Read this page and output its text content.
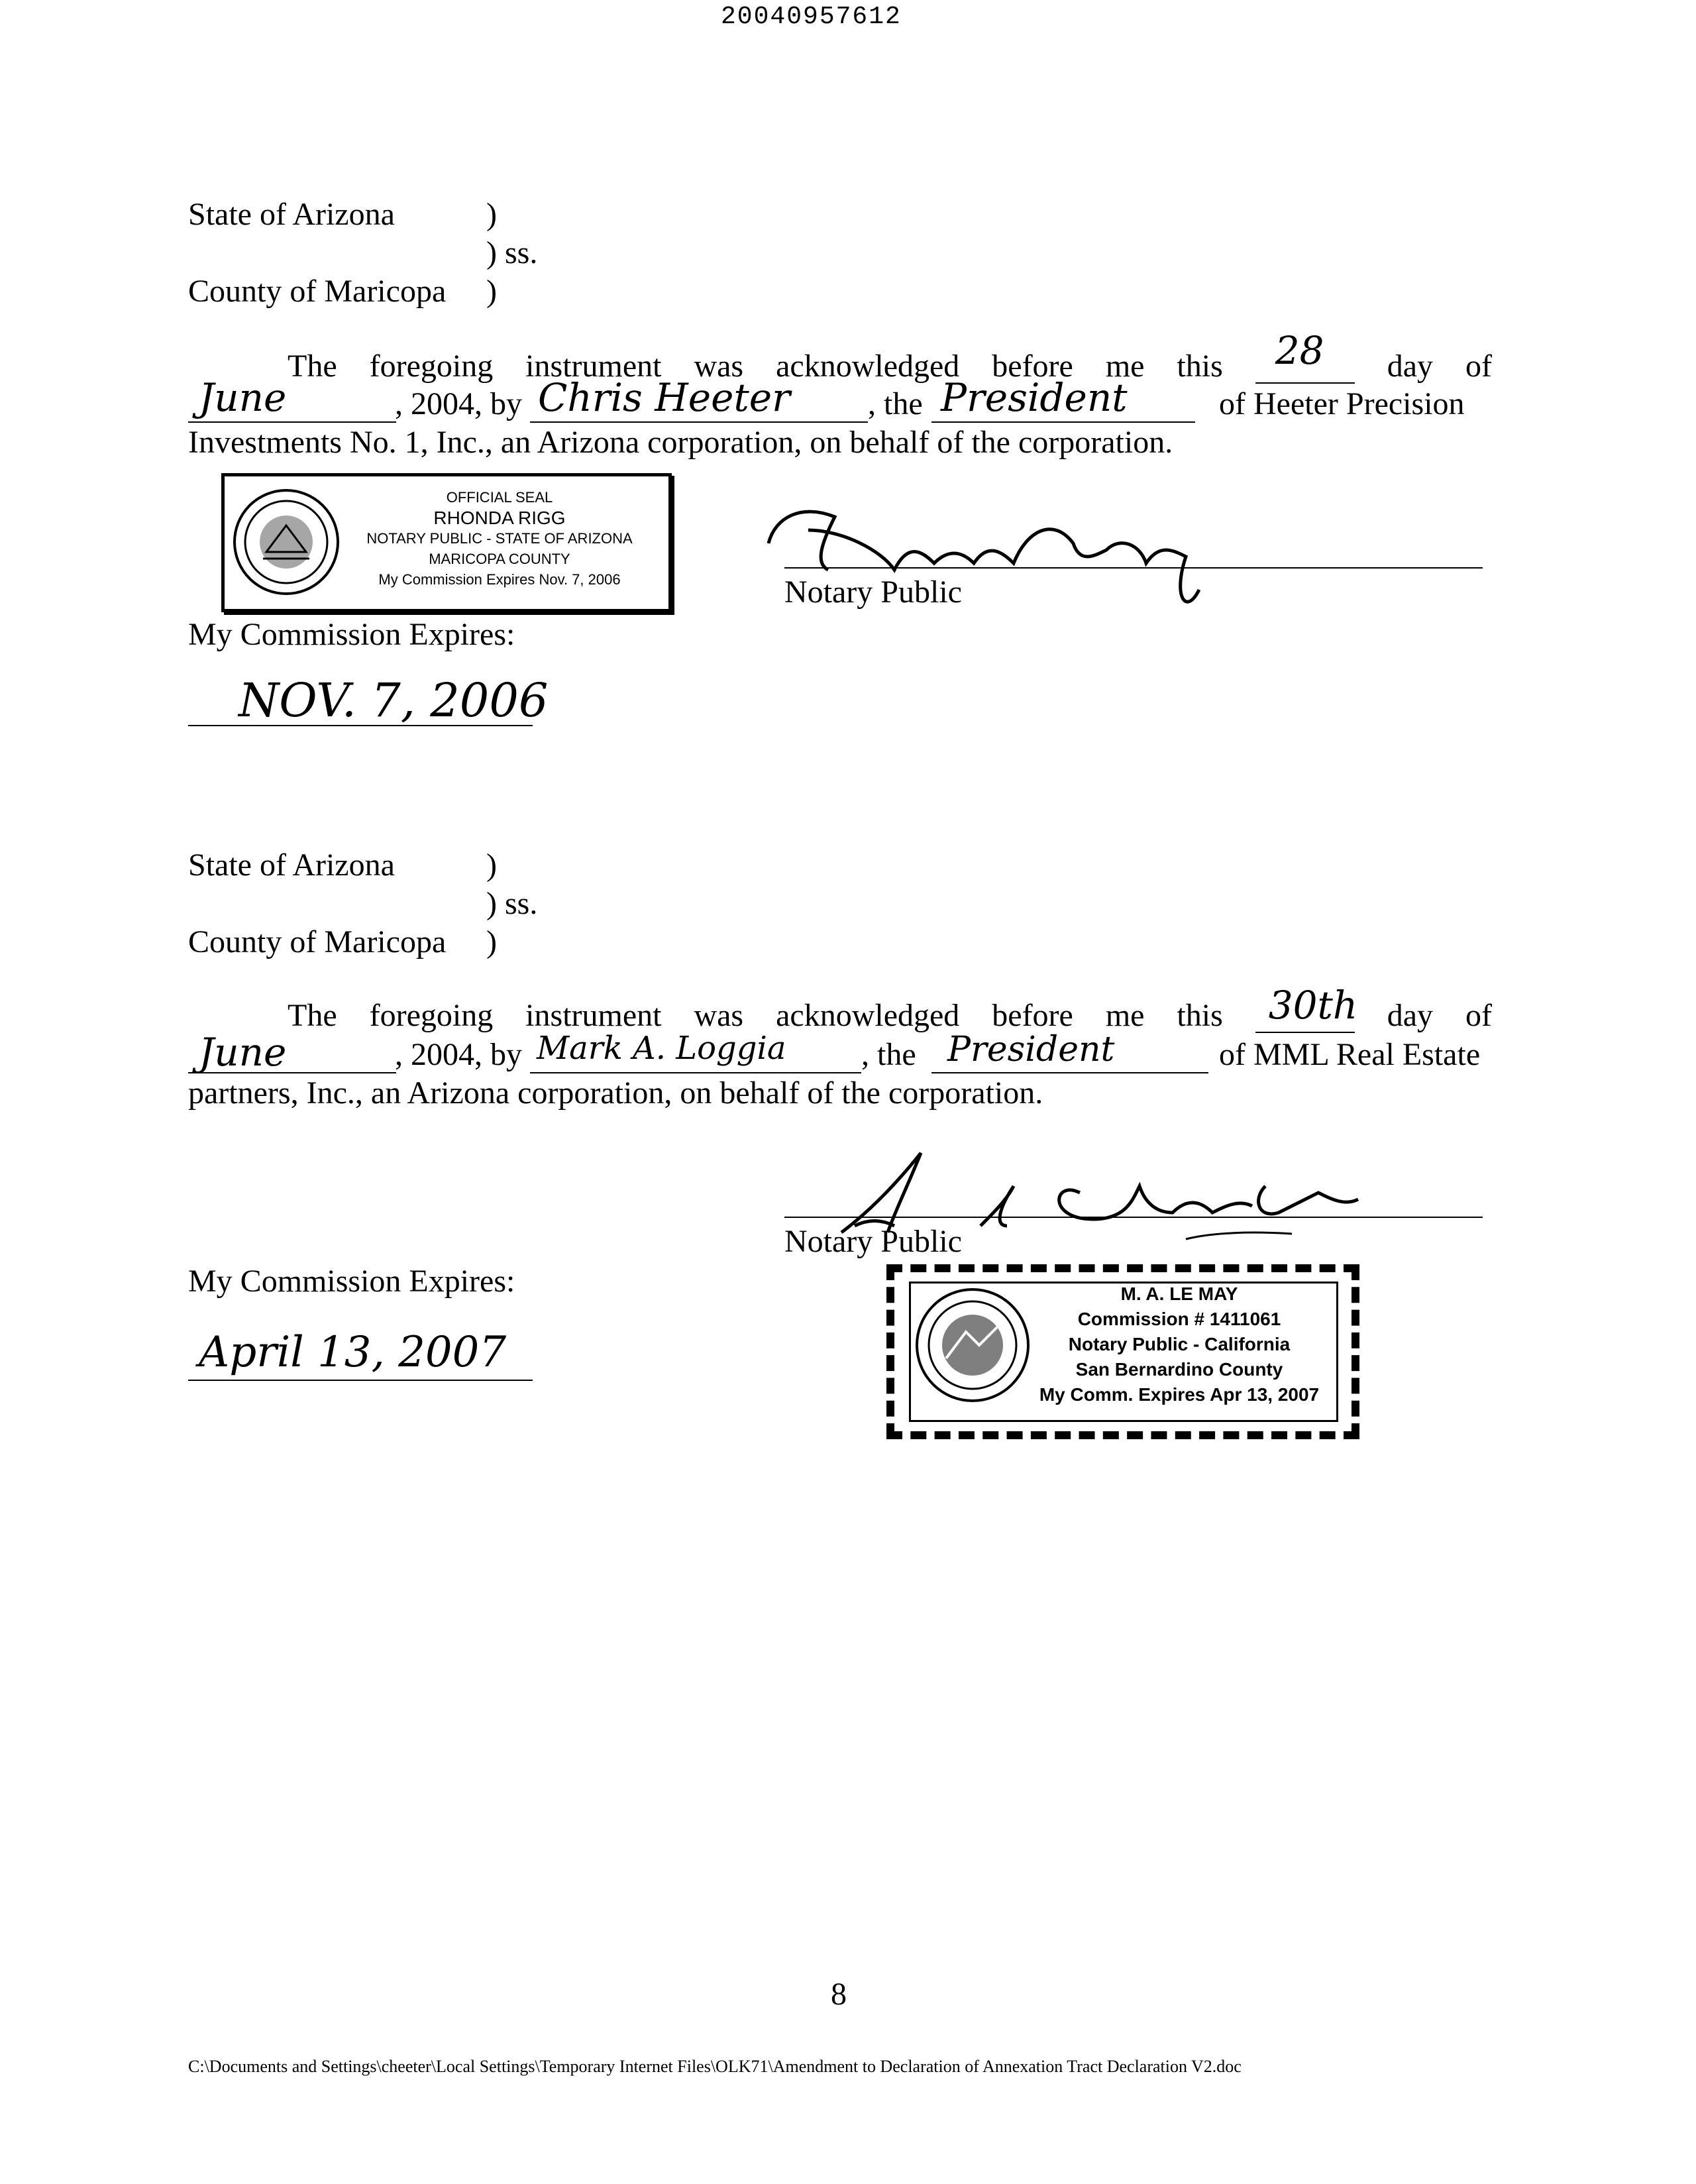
20040957612
State of Arizona	)
) ss.
County of Maricopa )
The foregoing instrument was acknowledged before me this 28 day of
June	, 2004, by Chris Heeter , the President	of Heeter Precision
Investments No. 1, Inc., an Arizona corporation, on behalf of the corporation.
OFFICIAL SEAL
RHONDA RIGG
NOTARY PUBLIC - STATE OF ARIZONA
MARICOPA COUNTY
My Commission Expires Nov. 7, 2006	Notary Public
My Commission Expires:
NOV. 7, 2006
State of Arizona	)
) ss.
County of Maricopa )
The foregoing instrument was acknowledged before me this 30th day of
June	, 2004, by Mark A. Loggia , the President	of MML Real Estate
partners, Inc., an Arizona corporation, on behalf of the corporation.
Notary Public
My Commission Expires:
April 13, 2007
M. A. LE MAY
Commission # 1411061
Notary Public - California
San Bernardino County
My Comm. Expires Apr 13, 2007
8
C:\Documents and Settings\cheeter\Local Settings\Temporary Internet Files\OLK71\Amendment to Declaration of Annexation Tract Declaration V2.doc
